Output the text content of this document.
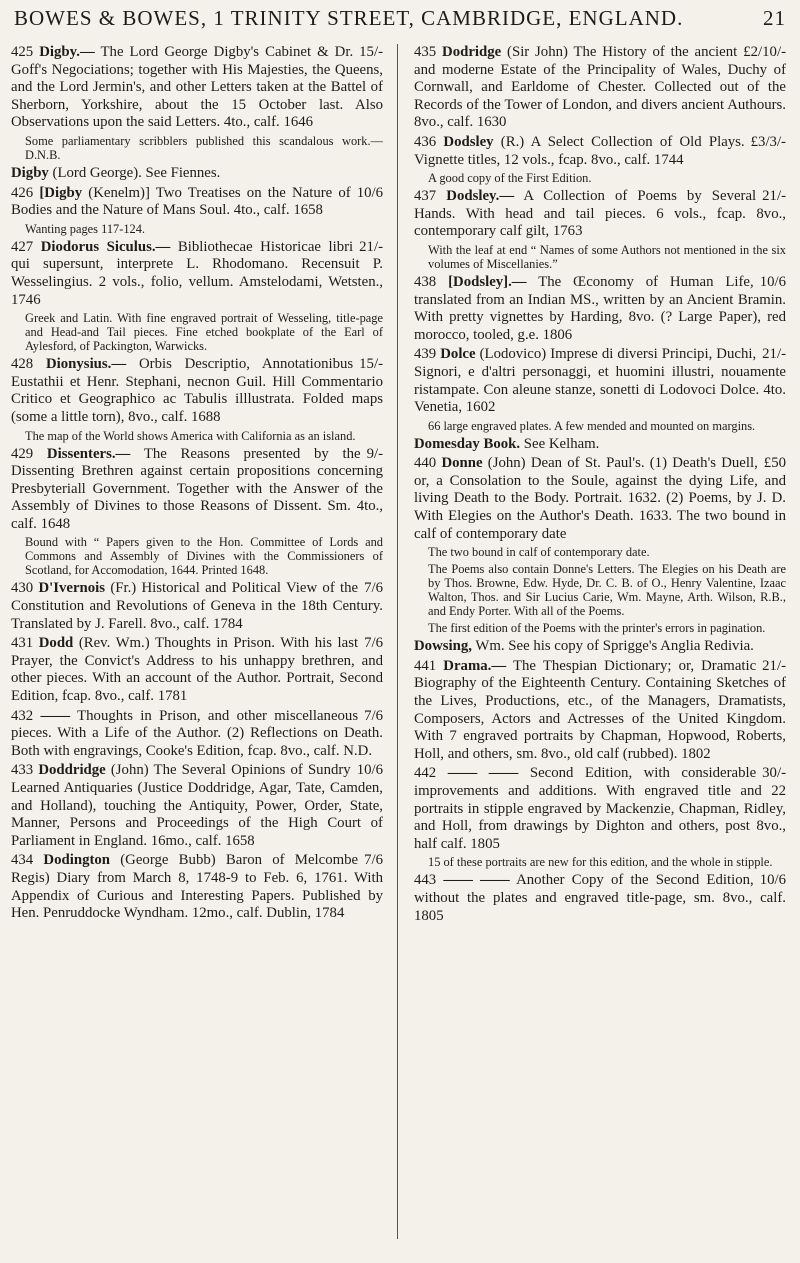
BOWES & BOWES, 1 TRINITY STREET, CAMBRIDGE, ENGLAND.	21

15/-
425 Digby.— The Lord George Digby's Cabinet & Dr. Goff's Negociations; together with His Majesties, the Queens, and the Lord Jermin's, and other Letters taken at the Battel of Sherborn, Yorkshire, about the 15 October last. Also Observations upon the said Letters. 4to., calf. 1646

Some parliamentary scribblers published this scandalous work.—D.N.B.

Digby (Lord George). See Fiennes.

10/6
426 [Digby (Kenelm)] Two Treatises on the Nature of Bodies and the Nature of Mans Soul. 4to., calf. 1658

Wanting pages 117-124.

21/-
427 Diodorus Siculus.— Bibliothecae Historicae libri qui supersunt, interprete L. Rhodomano. Recensuit P. Wesselingius. 2 vols., folio, vellum. Amstelodami, Wetsten., 1746

Greek and Latin. With fine engraved portrait of Wesseling, title-page and Head-and Tail pieces. Fine etched bookplate of the Earl of Aylesford, of Packington, Warwicks.

15/-
428 Dionysius.— Orbis Descriptio, Annotationibus Eustathii et Henr. Stephani, necnon Guil. Hill Commentario Critico et Geographico ac Tabulis illlustrata. Folded maps (some a little torn), 8vo., calf. 1688

The map of the World shows America with California as an island.

9/-
429 Dissenters.— The Reasons presented by the Dissenting Brethren against certain propositions concerning Presbyteriall Government. Together with the Answer of the Assembly of Divines to those Reasons of Dissent. Sm. 4to., calf. 1648

Bound with “ Papers given to the Hon. Committee of Lords and Commons and Assembly of Divines with the Commissioners of Scotland, for Accomodation, 1644. Printed 1648.

7/6
430 D'Ivernois (Fr.) Historical and Political View of the Constitution and Revolutions of Geneva in the 18th Century. Translated by J. Farell. 8vo., calf. 1784

7/6
431 Dodd (Rev. Wm.) Thoughts in Prison. With his last Prayer, the Convict's Address to his unhappy brethren, and other pieces. With an account of the Author. Portrait, Second Edition, fcap. 8vo., calf. 1781

7/6
432 —— Thoughts in Prison, and other miscellaneous pieces. With a Life of the Author. (2) Reflections on Death. Both with engravings, Cooke's Edition, fcap. 8vo., calf. N.D.

10/6
433 Doddridge (John) The Several Opinions of Sundry Learned Antiquaries (Justice Doddridge, Agar, Tate, Camden, and Holland), touching the Antiquity, Power, Order, State, Manner, Persons and Proceedings of the High Court of Parliament in England. 16mo., calf. 1658

7/6
434 Dodington (George Bubb) Baron of Melcombe Regis) Diary from March 8, 1748-9 to Feb. 6, 1761. With Appendix of Curious and Interesting Papers. Published by Hen. Penruddocke Wyndham. 12mo., calf. Dublin, 1784

£2/10/-
435 Dodridge (Sir John) The History of the ancient and moderne Estate of the Principality of Wales, Duchy of Cornwall, and Earldome of Chester. Collected out of the Records of the Tower of London, and divers ancient Authours. 8vo., calf. 1630

£3/3/-
436 Dodsley (R.) A Select Collection of Old Plays. Vignette titles, 12 vols., fcap. 8vo., calf. 1744

A good copy of the First Edition.

21/-
437 Dodsley.— A Collection of Poems by Several Hands. With head and tail pieces. 6 vols., fcap. 8vo., contemporary calf gilt, 1763

With the leaf at end “ Names of some Authors not mentioned in the six volumes of Miscellanies.”

10/6
438 [Dodsley].— The Œconomy of Human Life, translated from an Indian MS., written by an Ancient Bramin. With pretty vignettes by Harding, 8vo. (? Large Paper), red morocco, tooled, g.e. 1806

21/-
439 Dolce (Lodovico) Imprese di diversi Principi, Duchi, Signori, e d'altri personaggi, et huomini illustri, nouamente ristampate. Con aleune stanze, sonetti di Lodovoci Dolce. 4to. Venetia, 1602

66 large engraved plates. A few mended and mounted on margins.

Domesday Book. See Kelham.

£50
440 Donne (John) Dean of St. Paul's. (1) Death's Duell, or, a Consolation to the Soule, against the dying Life, and living Death to the Body. Portrait. 1632. (2) Poems, by J. D. With Elegies on the Author's Death. 1633. The two bound in calf of contemporary date

The two bound in calf of contemporary date.

The Poems also contain Donne's Letters. The Elegies on his Death are by Thos. Browne, Edw. Hyde, Dr. C. B. of O., Henry Valentine, Izaac Walton, Thos. and Sir Lucius Carie, Wm. Mayne, Arth. Wilson, R.B., and Endy Porter. With all of the Poems.

The first edition of the Poems with the printer's errors in pagination.

Dowsing, Wm. See his copy of Sprigge's Anglia Redivia.

21/-
441 Drama.— The Thespian Dictionary; or, Dramatic Biography of the Eighteenth Century. Containing Sketches of the Lives, Productions, etc., of the Managers, Dramatists, Composers, Actors and Actresses of the United Kingdom. With 7 engraved portraits by Chapman, Hopwood, Roberts, Holl, and others, sm. 8vo., old calf (rubbed). 1802

30/-
442 —— —— Second Edition, with considerable improvements and additions. With engraved title and 22 portraits in stipple engraved by Mackenzie, Chapman, Ridley, and Holl, from drawings by Dighton and others, post 8vo., half calf. 1805

15 of these portraits are new for this edition, and the whole in stipple.

10/6
443 —— —— Another Copy of the Second Edition, without the plates and engraved title-page, sm. 8vo., calf. 1805
